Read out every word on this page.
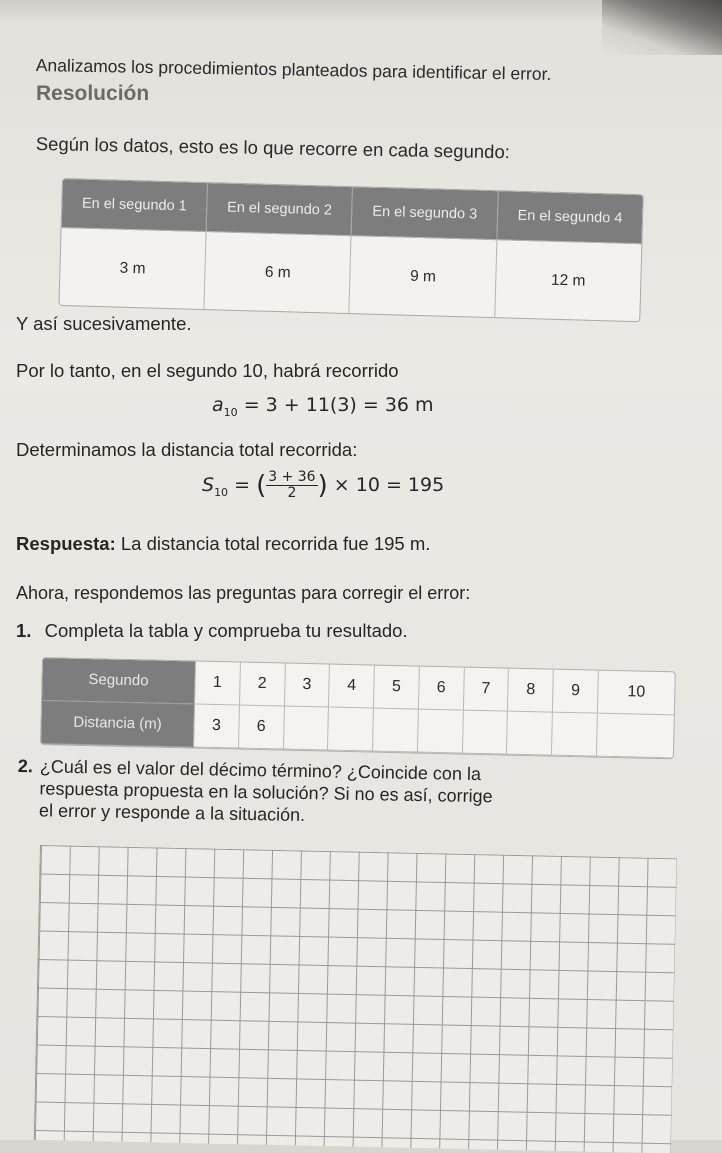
Analizamos los procedimientos planteados para identificar el error.
Resolución
Según los datos, esto es lo que recorre en cada segundo:
En el segundo 1	En el segundo 2	En el segundo 3	En el segundo 4
3 m	6 m	9 m	12 m
Y así sucesivamente.
Por lo tanto, en el segundo 10, habrá recorrido
$a_{10} = 3 + 11(3) = 36$ m
Determinamos la distancia total recorrida:
$S_{10}$ = ( $\frac{3 + 36}{2}$ ) × 10 = 195
Respuesta: La distancia total recorrida fue 195 m.
Ahora, respondemos las preguntas para corregir el error:
1. Completa la tabla y comprueba tu resultado.
Segundo	1	2	3	4	5	6	7	8	9	10
Distancia (m)	3	6								
2. ¿Cuál es el valor del décimo término? ¿Coincide con la
respuesta propuesta en la solución? Si no es así, corrige
el error y responde a la situación.
